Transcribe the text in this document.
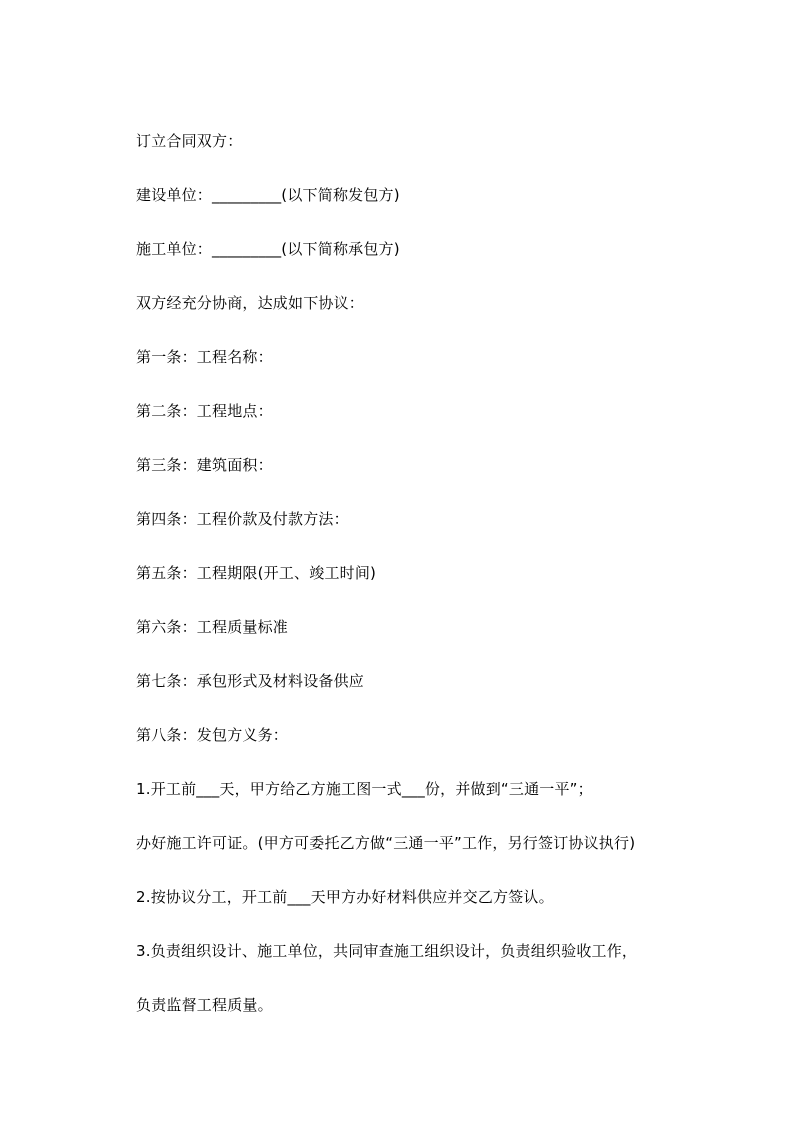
订立合同双方：

建设单位：_________(以下简称发包方)

施工单位：_________(以下简称承包方)

双方经充分协商，达成如下协议：

第一条：工程名称：

第二条：工程地点：

第三条：建筑面积：

第四条：工程价款及付款方法：

第五条：工程期限(开工、竣工时间)

第六条：工程质量标准

第七条：承包形式及材料设备供应

第八条：发包方义务：

1.开工前___天，甲方给乙方施工图一式___份，并做到“三通一平”；

办好施工许可证。(甲方可委托乙方做“三通一平”工作，另行签订协议执行)

2.按协议分工，开工前___天甲方办好材料供应并交乙方签认。

3.负责组织设计、施工单位，共同审查施工组织设计，负责组织验收工作，

负责监督工程质量。
